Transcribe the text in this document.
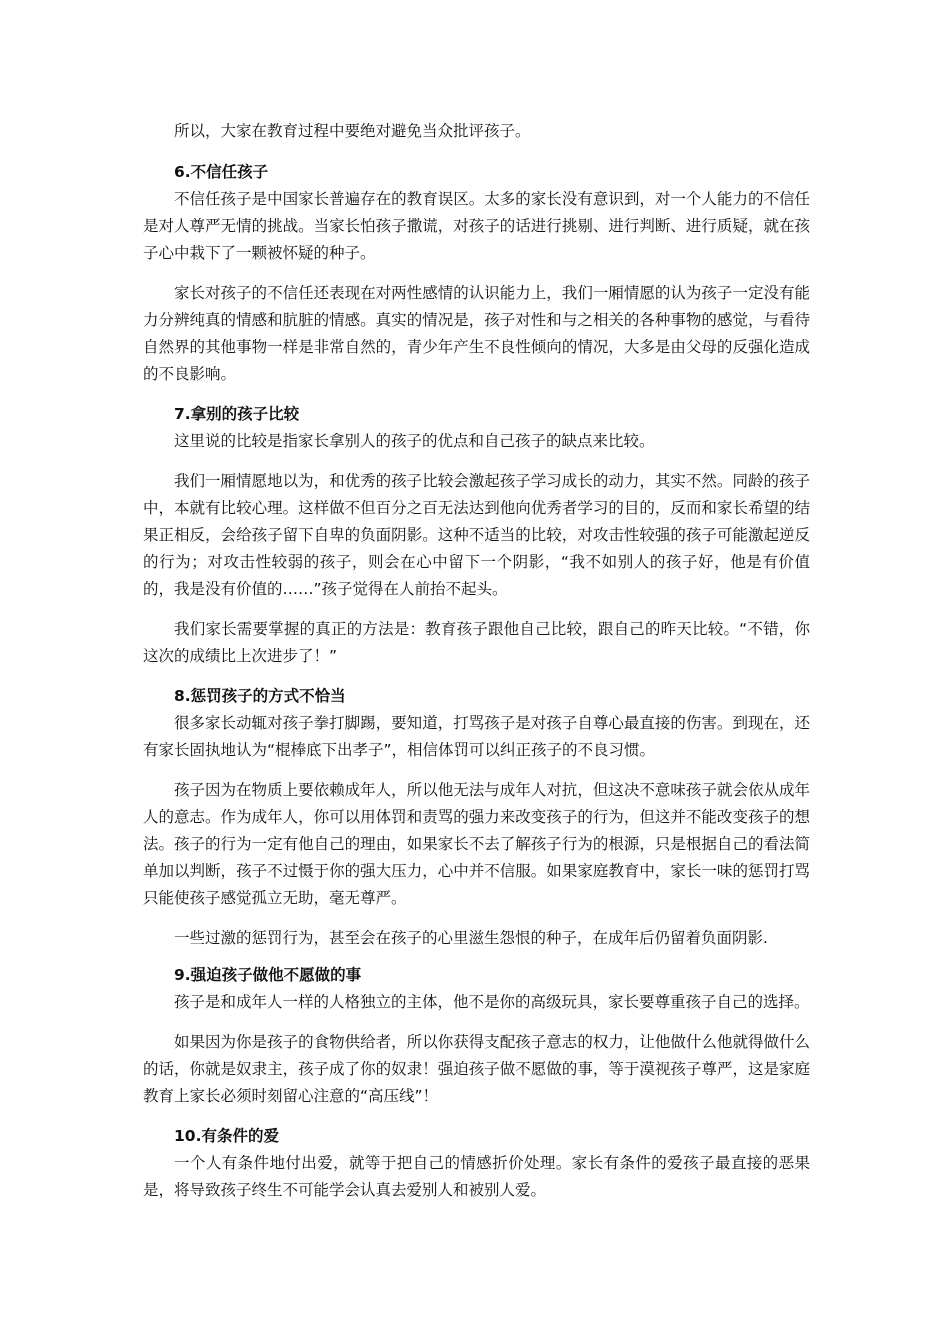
所以，大家在教育过程中要绝对避免当众批评孩子。

6.不信任孩子

不信任孩子是中国家长普遍存在的教育误区。太多的家长没有意识到，对一个人能力的不信任是对人尊严无情的挑战。当家长怕孩子撒谎，对孩子的话进行挑剔、进行判断、进行质疑，就在孩子心中栽下了一颗被怀疑的种子。

家长对孩子的不信任还表现在对两性感情的认识能力上，我们一厢情愿的认为孩子一定没有能力分辨纯真的情感和肮脏的情感。真实的情况是，孩子对性和与之相关的各种事物的感觉，与看待自然界的其他事物一样是非常自然的，青少年产生不良性倾向的情况，大多是由父母的反强化造成的不良影响。

7.拿别的孩子比较

这里说的比较是指家长拿别人的孩子的优点和自己孩子的缺点来比较。

我们一厢情愿地以为，和优秀的孩子比较会激起孩子学习成长的动力，其实不然。同龄的孩子中，本就有比较心理。这样做不但百分之百无法达到他向优秀者学习的目的，反而和家长希望的结果正相反，会给孩子留下自卑的负面阴影。这种不适当的比较，对攻击性较强的孩子可能激起逆反的行为；对攻击性较弱的孩子，则会在心中留下一个阴影，“我不如别人的孩子好，他是有价值的，我是没有价值的……”孩子觉得在人前抬不起头。

我们家长需要掌握的真正的方法是：教育孩子跟他自己比较，跟自己的昨天比较。“不错，你这次的成绩比上次进步了！”

8.惩罚孩子的方式不恰当

很多家长动辄对孩子拳打脚踢，要知道，打骂孩子是对孩子自尊心最直接的伤害。到现在，还有家长固执地认为“棍棒底下出孝子”，相信体罚可以纠正孩子的不良习惯。

孩子因为在物质上要依赖成年人，所以他无法与成年人对抗，但这决不意味孩子就会依从成年人的意志。作为成年人，你可以用体罚和责骂的强力来改变孩子的行为，但这并不能改变孩子的想法。孩子的行为一定有他自己的理由，如果家长不去了解孩子行为的根源，只是根据自己的看法简单加以判断，孩子不过慑于你的强大压力，心中并不信服。如果家庭教育中，家长一味的惩罚打骂只能使孩子感觉孤立无助，毫无尊严。

一些过激的惩罚行为，甚至会在孩子的心里滋生怨恨的种子，在成年后仍留着负面阴影.

9.强迫孩子做他不愿做的事

孩子是和成年人一样的人格独立的主体，他不是你的高级玩具，家长要尊重孩子自己的选择。

如果因为你是孩子的食物供给者，所以你获得支配孩子意志的权力，让他做什么他就得做什么的话，你就是奴隶主，孩子成了你的奴隶！强迫孩子做不愿做的事，等于漠视孩子尊严，这是家庭教育上家长必须时刻留心注意的“高压线”！

10.有条件的爱

一个人有条件地付出爱，就等于把自己的情感折价处理。家长有条件的爱孩子最直接的恶果是，将导致孩子终生不可能学会认真去爱别人和被别人爱。
